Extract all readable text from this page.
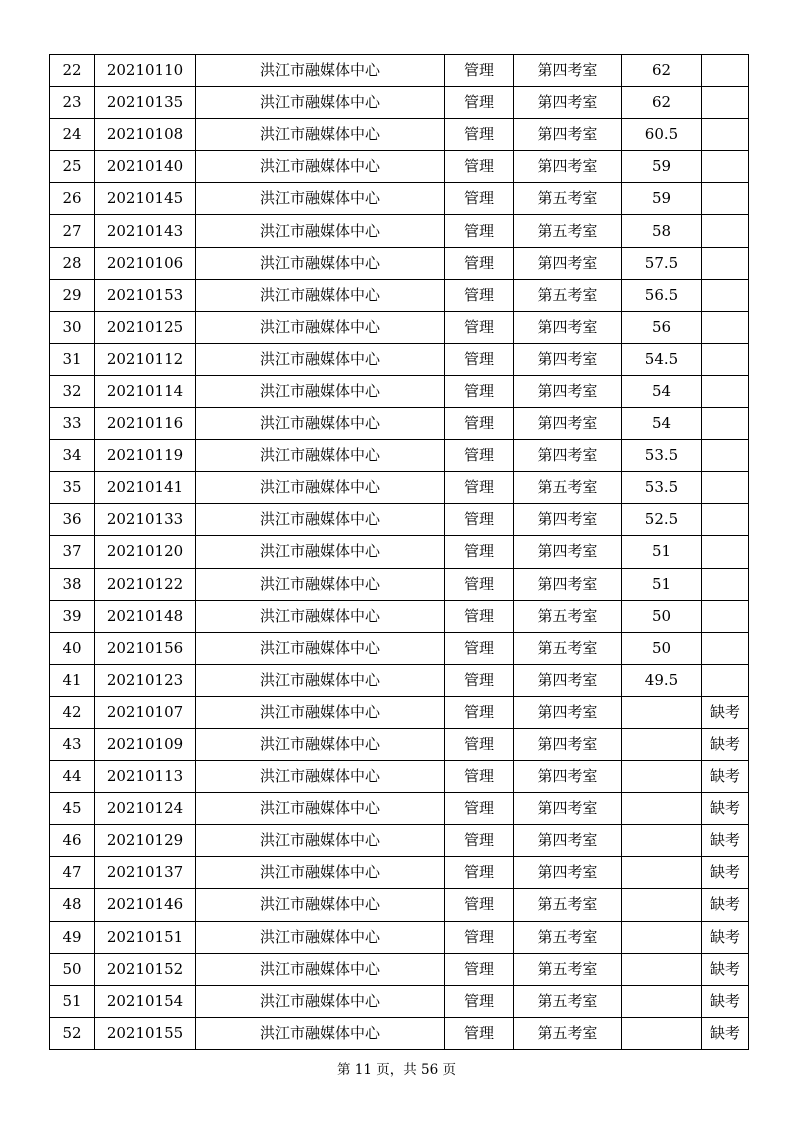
22	20210110	洪江市融媒体中心	管理	第四考室	62	
23	20210135	洪江市融媒体中心	管理	第四考室	62	
24	20210108	洪江市融媒体中心	管理	第四考室	60.5	
25	20210140	洪江市融媒体中心	管理	第四考室	59	
26	20210145	洪江市融媒体中心	管理	第五考室	59	
27	20210143	洪江市融媒体中心	管理	第五考室	58	
28	20210106	洪江市融媒体中心	管理	第四考室	57.5	
29	20210153	洪江市融媒体中心	管理	第五考室	56.5	
30	20210125	洪江市融媒体中心	管理	第四考室	56	
31	20210112	洪江市融媒体中心	管理	第四考室	54.5	
32	20210114	洪江市融媒体中心	管理	第四考室	54	
33	20210116	洪江市融媒体中心	管理	第四考室	54	
34	20210119	洪江市融媒体中心	管理	第四考室	53.5	
35	20210141	洪江市融媒体中心	管理	第五考室	53.5	
36	20210133	洪江市融媒体中心	管理	第四考室	52.5	
37	20210120	洪江市融媒体中心	管理	第四考室	51	
38	20210122	洪江市融媒体中心	管理	第四考室	51	
39	20210148	洪江市融媒体中心	管理	第五考室	50	
40	20210156	洪江市融媒体中心	管理	第五考室	50	
41	20210123	洪江市融媒体中心	管理	第四考室	49.5	
42	20210107	洪江市融媒体中心	管理	第四考室		缺考
43	20210109	洪江市融媒体中心	管理	第四考室		缺考
44	20210113	洪江市融媒体中心	管理	第四考室		缺考
45	20210124	洪江市融媒体中心	管理	第四考室		缺考
46	20210129	洪江市融媒体中心	管理	第四考室		缺考
47	20210137	洪江市融媒体中心	管理	第四考室		缺考
48	20210146	洪江市融媒体中心	管理	第五考室		缺考
49	20210151	洪江市融媒体中心	管理	第五考室		缺考
50	20210152	洪江市融媒体中心	管理	第五考室		缺考
51	20210154	洪江市融媒体中心	管理	第五考室		缺考
52	20210155	洪江市融媒体中心	管理	第五考室		缺考
第 11 页，共 56 页
